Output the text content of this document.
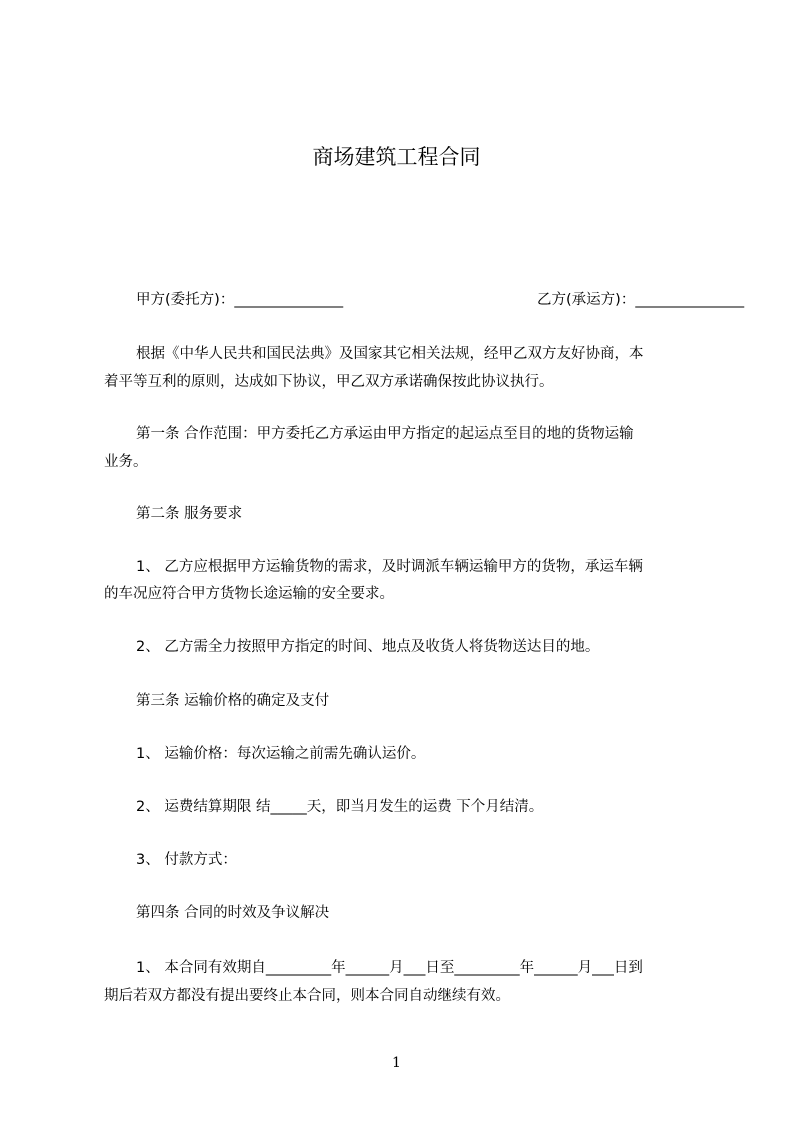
商场建筑工程合同
甲方(委托方)：_______________	乙方(承运方)：_______________
根据《中华人民共和国民法典》及国家其它相关法规，经甲乙双方友好协商，本
着平等互利的原则，达成如下协议，甲乙双方承诺确保按此协议执行。
第一条 合作范围：甲方委托乙方承运由甲方指定的起运点至目的地的货物运输
业务。
第二条 服务要求
1、 乙方应根据甲方运输货物的需求，及时调派车辆运输甲方的货物，承运车辆
的车况应符合甲方货物长途运输的安全要求。
2、 乙方需全力按照甲方指定的时间、地点及收货人将货物送达目的地。
第三条 运输价格的确定及支付
1、 运输价格：每次运输之前需先确认运价。
2、 运费结算期限 结_____天，即当月发生的运费 下个月结清。
3、 付款方式：
第四条 合同的时效及争议解决
1、 本合同有效期自_________年______月___日至_________年______月___日到
期后若双方都没有提出要终止本合同，则本合同自动继续有效。
1
